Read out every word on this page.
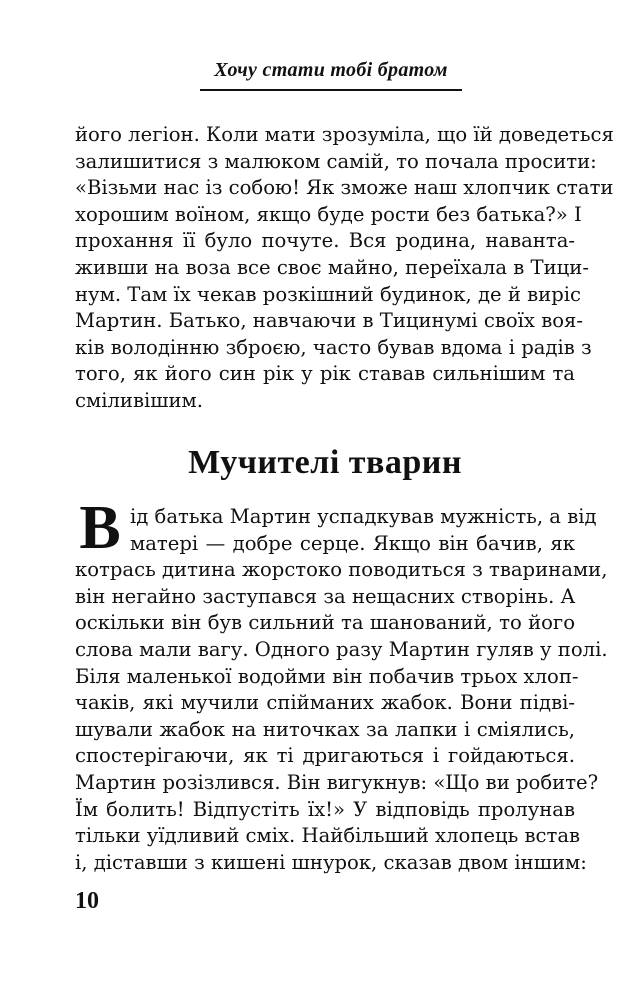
Хочу стати тобі братом
його легіон. Коли мати зрозуміла, що їй доведеться
залишитися з малюком самій, то почала просити:
«Візьми нас із собою! Як зможе наш хлопчик стати
хорошим воїном, якщо буде рости без батька?» І
прохання її було почуте. Вся родина, наванта-
живши на воза все своє майно, переїхала в Тици-
нум. Там їх чекав розкішний будинок, де й виріс
Мартин. Батько, навчаючи в Тицинумі своїх воя-
ків володінню зброєю, часто бував вдома і радів з
того, як його син рік у рік ставав сильнішим та
сміливішим.
Мучителі тварин
В ід батька Мартин успадкував мужність, а від
матері — добре серце. Якщо він бачив, як
котрась дитина жорстоко поводиться з тваринами,
він негайно заступався за нещасних створінь. А
оскільки він був сильний та шанований, то його
слова мали вагу. Одного разу Мартин гуляв у полі.
Біля маленької водойми він побачив трьох хлоп-
чаків, які мучили спійманих жабок. Вони підві-
шували жабок на ниточках за лапки і сміялись,
спостерігаючи, як ті дригаються і гойдаються.
Мартин розізлився. Він вигукнув: «Що ви робите?
Їм болить! Відпустіть їх!» У відповідь пролунав
тільки уїдливий сміх. Найбільший хлопець встав
і, діставши з кишені шнурок, сказав двом іншим:
10
